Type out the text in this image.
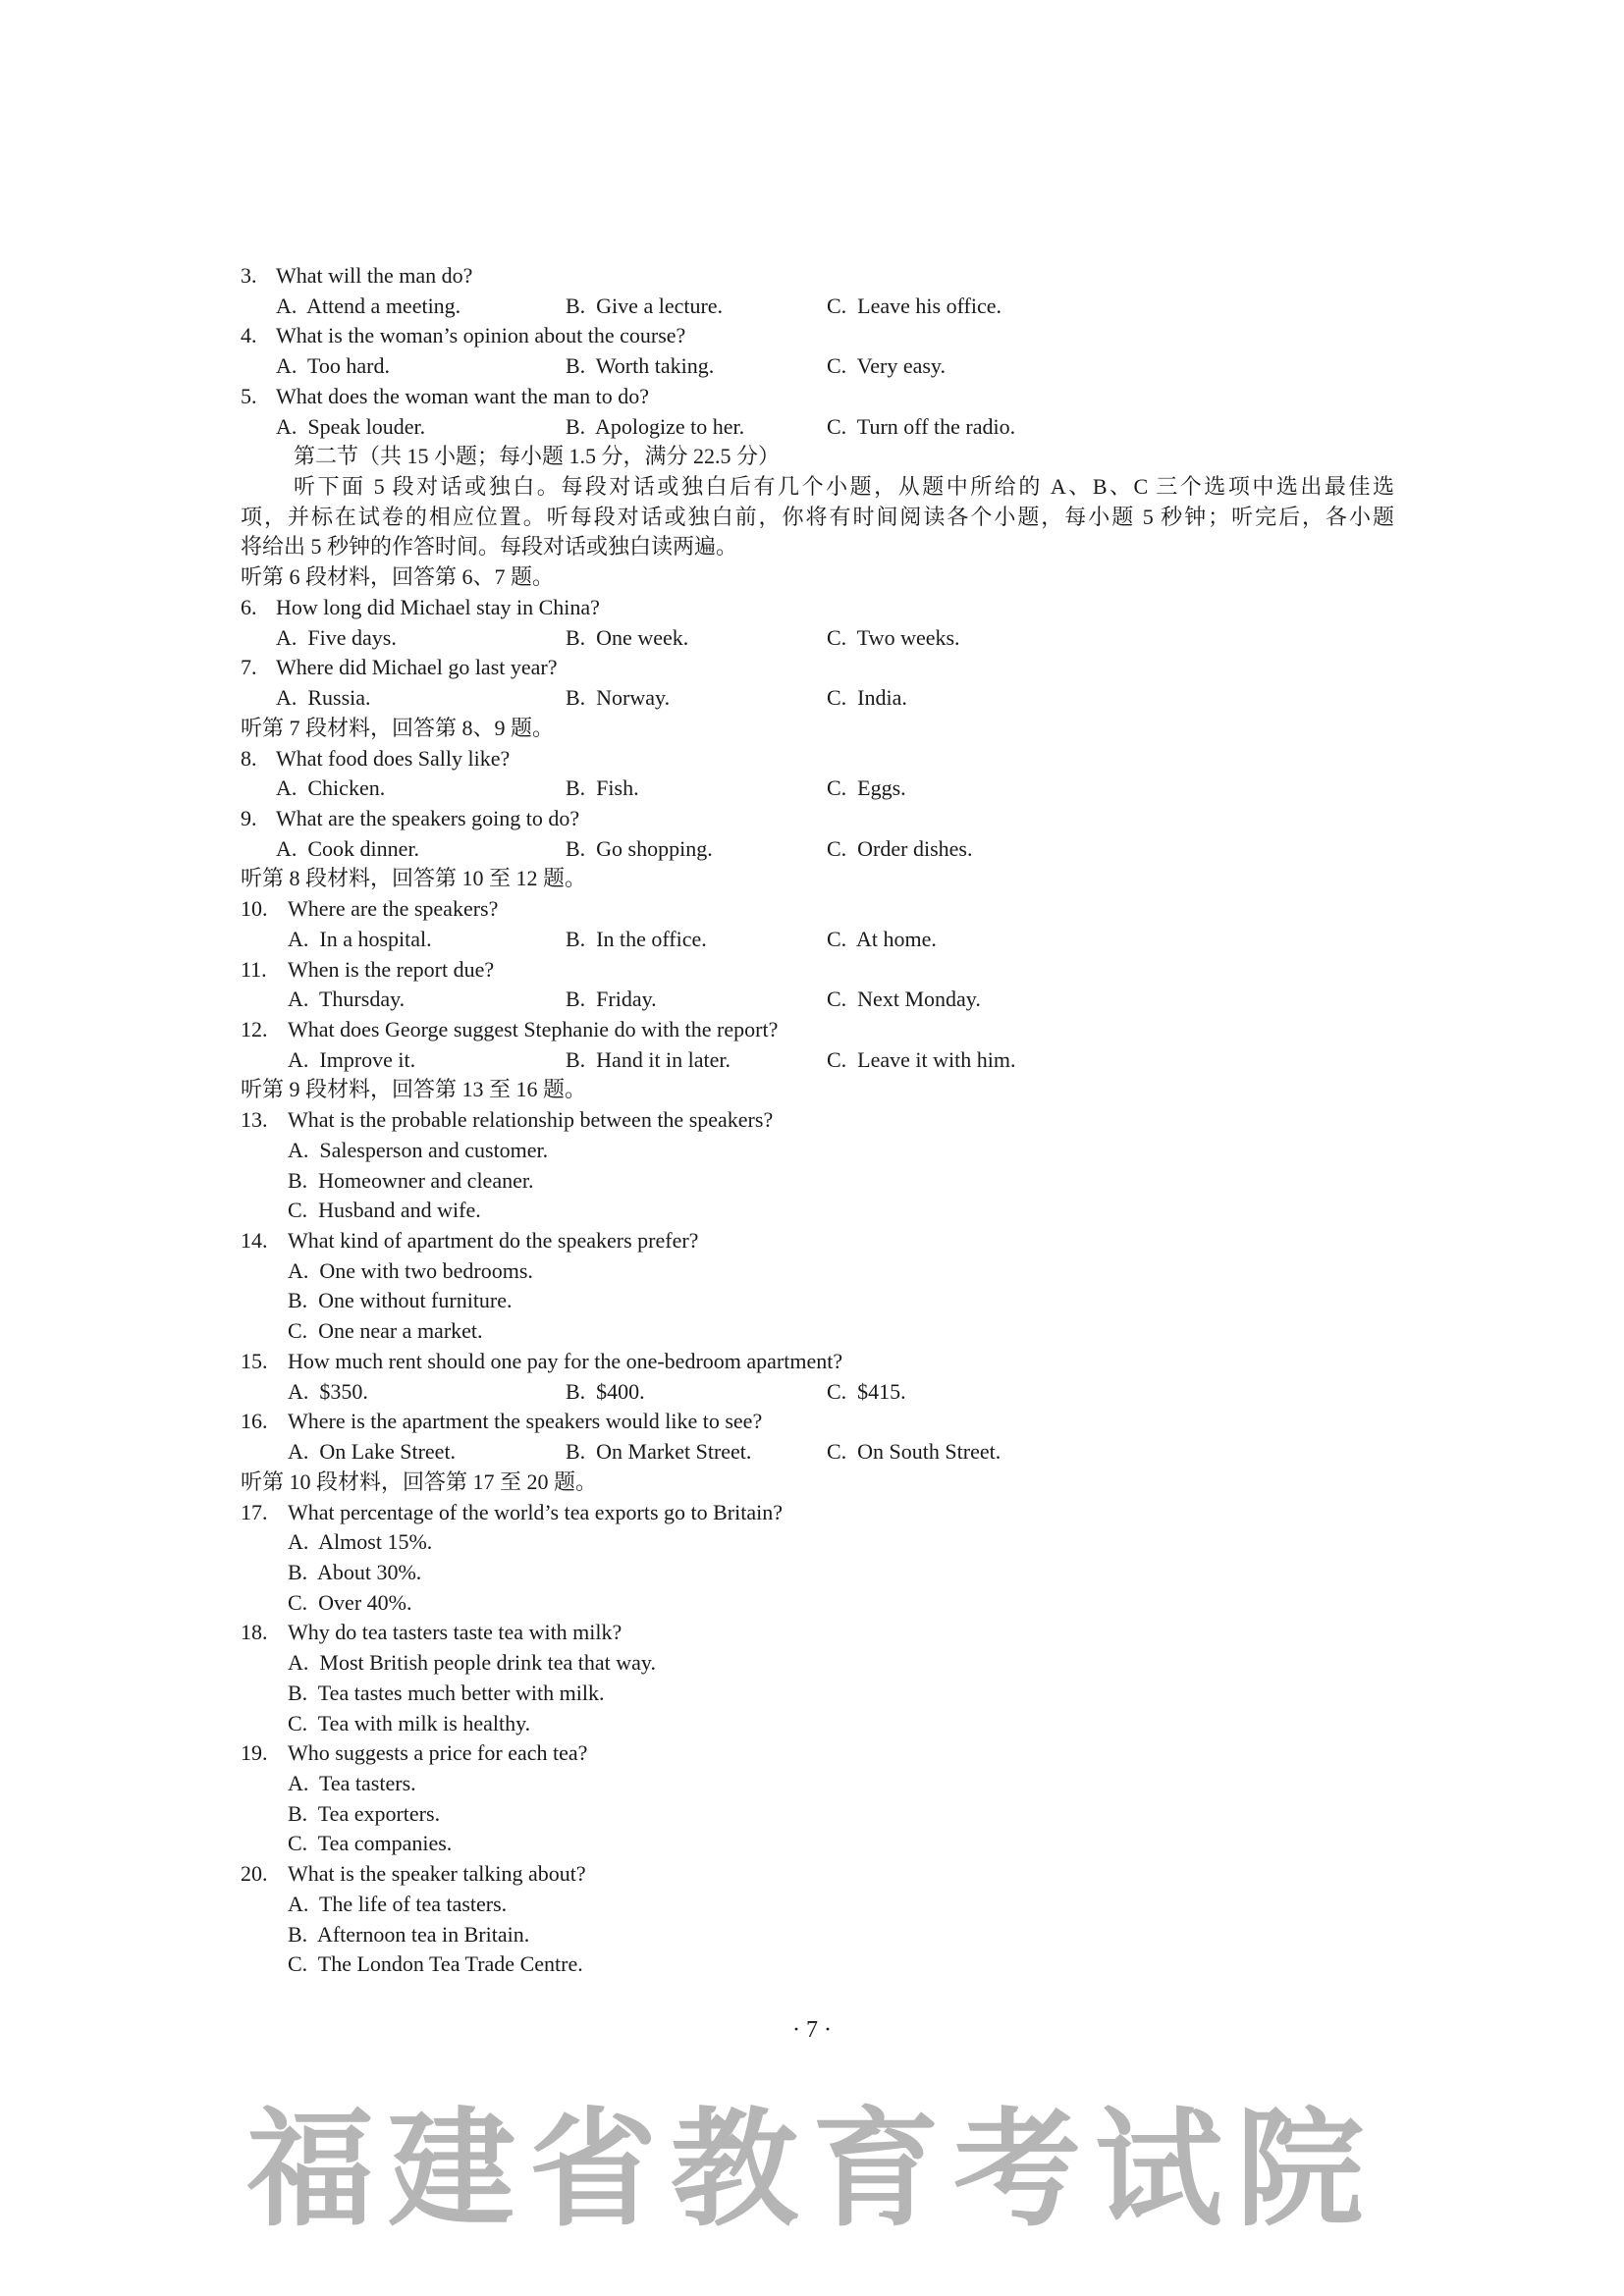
3. What will the man do?
A.  Attend a meeting.	B.  Give a lecture.	C.  Leave his office.
4. What is the woman’s opinion about the course?
A.  Too hard.	B.  Worth taking.	C.  Very easy.
5. What does the woman want the man to do?
A.  Speak louder.	B.  Apologize to her.	C.  Turn off the radio.
第二节（共 15 小题；每小题 1.5 分，满分 22.5 分）
听下面 5 段对话或独白。每段对话或独白后有几个小题，从题中所给的 A、B、C 三个选项中选出最佳选
项，并标在试卷的相应位置。听每段对话或独白前，你将有时间阅读各个小题，每小题 5 秒钟；听完后，各小题
将给出 5 秒钟的作答时间。每段对话或独白读两遍。
听第 6 段材料，回答第 6、7 题。
6. How long did Michael stay in China?
A.  Five days.	B.  One week.	C.  Two weeks.
7. Where did Michael go last year?
A.  Russia.	B.  Norway.	C.  India.
听第 7 段材料，回答第 8、9 题。
8. What food does Sally like?
A.  Chicken.	B.  Fish.	C.  Eggs.
9. What are the speakers going to do?
A.  Cook dinner.	B.  Go shopping.	C.  Order dishes.
听第 8 段材料，回答第 10 至 12 题。
10. Where are the speakers?
A.  In a hospital.	B.  In the office.	C.  At home.
11. When is the report due?
A.  Thursday.	B.  Friday.	C.  Next Monday.
12. What does George suggest Stephanie do with the report?
A.  Improve it.	B.  Hand it in later.	C.  Leave it with him.
听第 9 段材料，回答第 13 至 16 题。
13. What is the probable relationship between the speakers?
A.  Salesperson and customer.
B.  Homeowner and cleaner.
C.  Husband and wife.
14. What kind of apartment do the speakers prefer?
A.  One with two bedrooms.
B.  One without furniture.
C.  One near a market.
15. How much rent should one pay for the one-bedroom apartment?
A.  $350.	B.  $400.	C.  $415.
16. Where is the apartment the speakers would like to see?
A.  On Lake Street.	B.  On Market Street.	C.  On South Street.
听第 10 段材料，回答第 17 至 20 题。
17. What percentage of the world’s tea exports go to Britain?
A.  Almost 15%.
B.  About 30%.
C.  Over 40%.
18. Why do tea tasters taste tea with milk?
A.  Most British people drink tea that way.
B.  Tea tastes much better with milk.
C.  Tea with milk is healthy.
19. Who suggests a price for each tea?
A.  Tea tasters.
B.  Tea exporters.
C.  Tea companies.
20. What is the speaker talking about?
A.  The life of tea tasters.
B.  Afternoon tea in Britain.
C.  The London Tea Trade Centre.
· 7 ·
福建省教育考试院
